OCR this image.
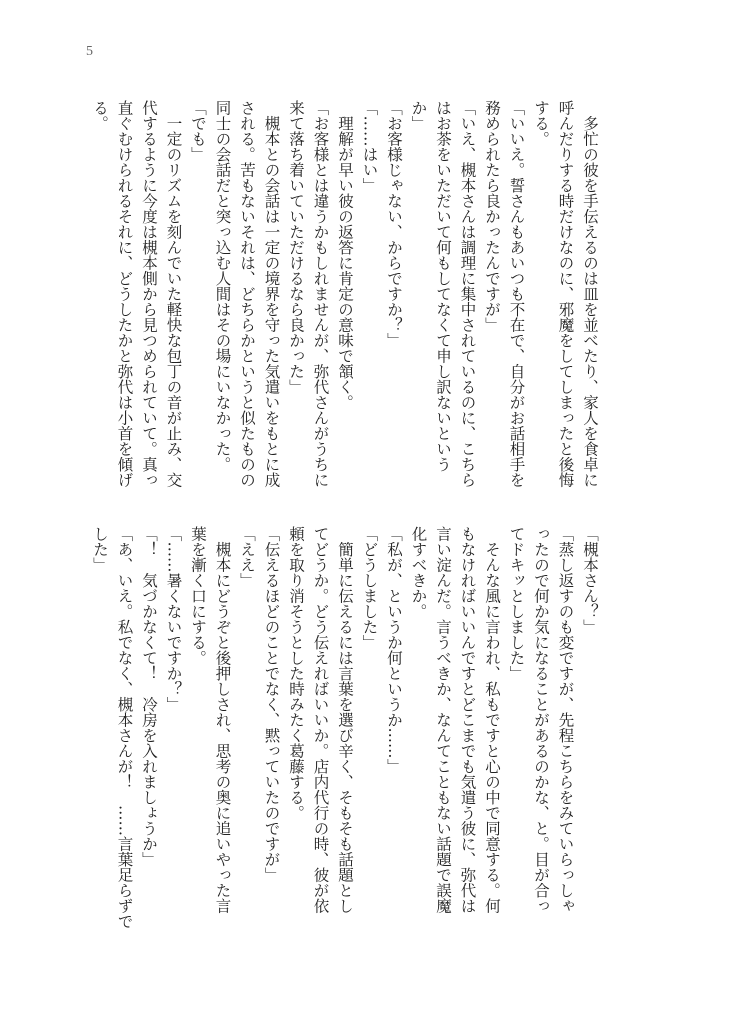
5
　多忙の彼を手伝えるのは皿を並べたり、家人を食卓に
呼んだりする時だけなのに、邪魔をしてしまったと後悔
する。
「いいえ。誓さんもあいつも不在で、自分がお話相手を
務められたら良かったんですが」
「いえ、槻本さんは調理に集中されているのに、こちら
はお茶をいただいて何もしてなくて申し訳ないという
か」
「お客様じゃない、からですか？」
「……はい」
　理解が早い彼の返答に肯定の意味で頷く。
「お客様とは違うかもしれませんが、弥代さんがうちに
来て落ち着いていただけるなら良かった」
　槻本との会話は一定の境界を守った気遣いをもとに成
される。苦もないそれは、どちらかというと似たものの
同士の会話だと突っ込む人間はその場にいなかった。
「でも」
　一定のリズムを刻んでいた軽快な包丁の音が止み、交
代するように今度は槻本側から見つめられていて。真っ
直ぐむけられるそれに、どうしたかと弥代は小首を傾げ
る。
「槻本さん？」
「蒸し返すのも変ですが、先程こちらをみていらっしゃ
ったので何か気になることがあるのかな、と。目が合っ
てドキッとしました」
　そんな風に言われ、私もですと心の中で同意する。何
もなければいいんですとどこまでも気遣う彼に、弥代は
言い淀んだ。言うべきか、なんてこともない話題で誤魔
化すべきか。
「私が、というか何というか……」
「どうしました」
　簡単に伝えるには言葉を選び辛く、そもそも話題とし
てどうか。どう伝えればいいか。店内代行の時、彼が依
頼を取り消そうとした時みたく葛藤する。
「伝えるほどのことでなく、黙っていたのですが」
「ええ」
　槻本にどうぞと後押しされ、思考の奥に追いやった言
葉を漸く口にする。
「……暑くないですか？」
「！　気づかなくて！　冷房を入れましょうか」
「あ、いえ。私でなく、槻本さんが！　……言葉足らずで
した」
